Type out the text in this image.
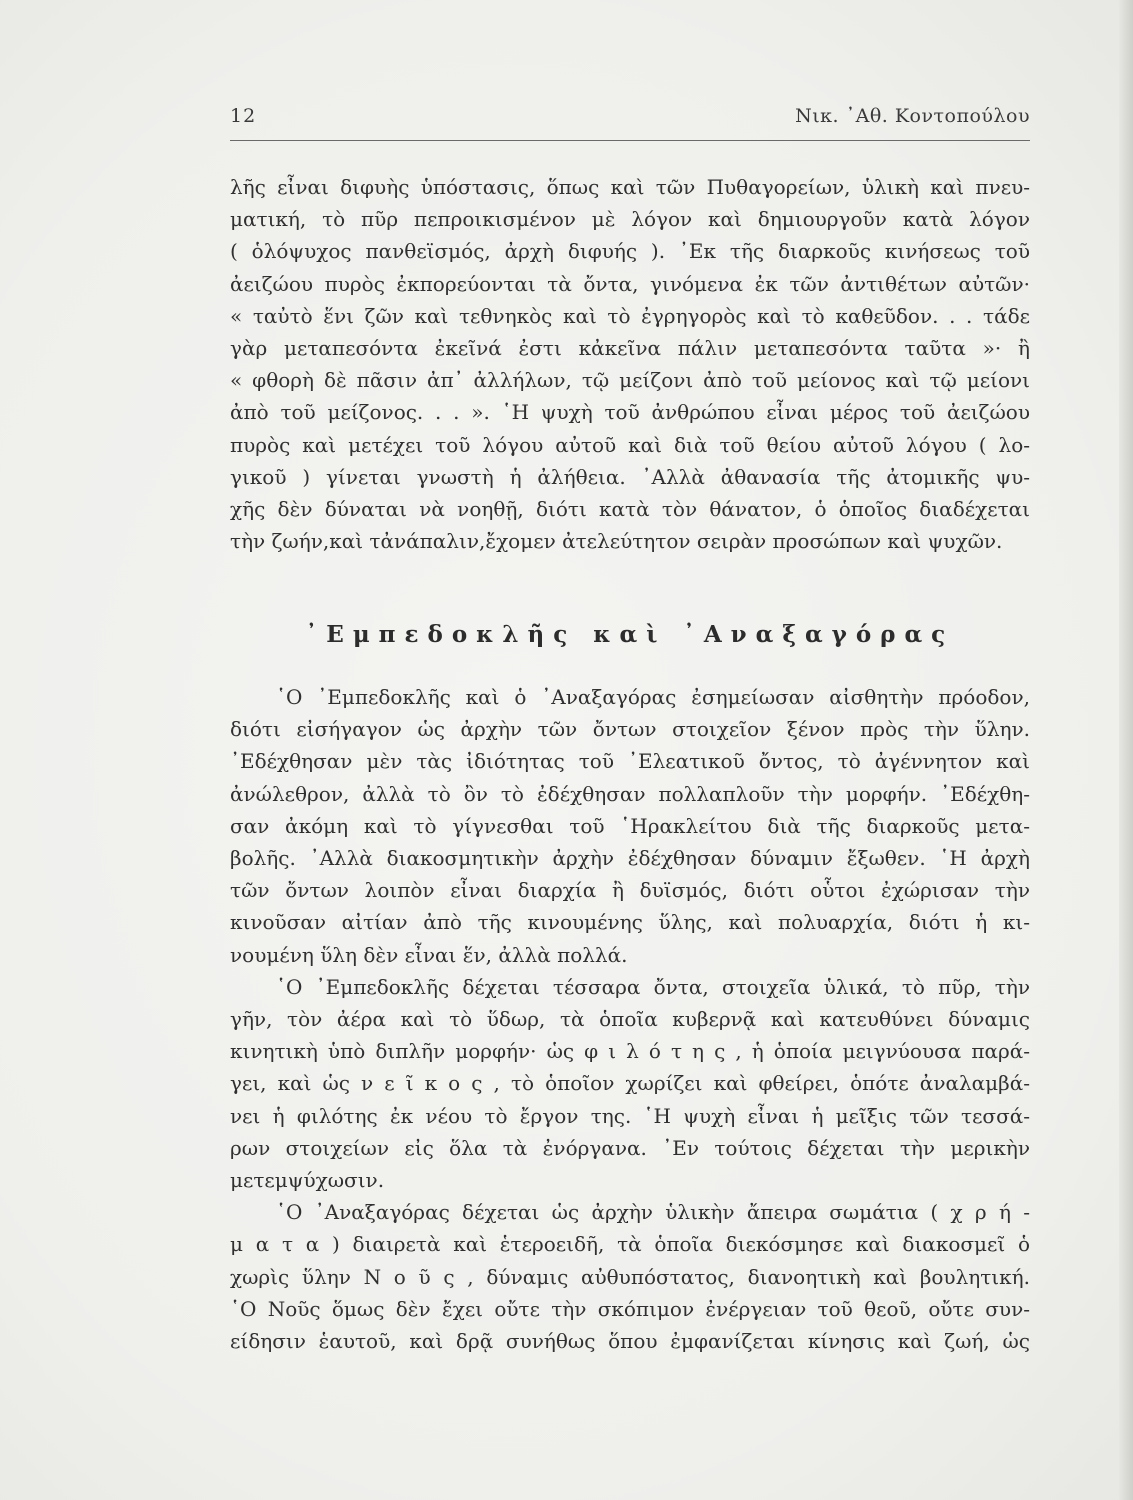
12	Νικ. ᾿Αθ. Κοντοπούλου
λῆς εἶναι διφυὴς ὑπόστασις, ὅπως καὶ τῶν Πυθαγορείων, ὑλικὴ καὶ πνευ-
ματική, τὸ πῦρ πεπροικισμένον μὲ λόγον καὶ δημιουργοῦν κατὰ λόγον
( ὁλόψυχος πανθεϊσμός, ἀρχὴ διφυής ). ᾿Εκ τῆς διαρκοῦς κινήσεως τοῦ
ἀειζώου πυρὸς ἐκπορεύονται τὰ ὄντα, γινόμενα ἐκ τῶν ἀντιθέτων αὐτῶν·
« ταὐτὸ ἕνι ζῶν καὶ τεθνηκὸς καὶ τὸ ἐγρηγορὸς καὶ τὸ καθεῦδον. . . τάδε
γὰρ μεταπεσόντα ἐκεῖνά ἐστι κἀκεῖνα πάλιν μεταπεσόντα ταῦτα »· ἢ
« φθορὴ δὲ πᾶσιν ἀπ᾿ ἀλλήλων, τῷ μείζονι ἀπὸ τοῦ μείονος καὶ τῷ μείονι
ἀπὸ τοῦ μείζονος. . . ». ῾Η ψυχὴ τοῦ ἀνθρώπου εἶναι μέρος τοῦ ἀειζώου
πυρὸς καὶ μετέχει τοῦ λόγου αὐτοῦ καὶ διὰ τοῦ θείου αὐτοῦ λόγου ( λο-
γικοῦ ) γίνεται γνωστὴ ἡ ἀλήθεια. ᾿Αλλὰ ἀθανασία τῆς ἀτομικῆς ψυ-
χῆς δὲν δύναται νὰ νοηθῇ, διότι κατὰ τὸν θάνατον, ὁ ὁποῖος διαδέχεται
τὴν ζωήν,καὶ τἀνάπαλιν,ἔχομεν ἀτελεύτητον σειρὰν προσώπων καὶ ψυχῶν.
᾿Εμπεδοκλῆς καὶ ᾿Αναξαγόρας
῾Ο ᾿Εμπεδοκλῆς καὶ ὁ ᾿Αναξαγόρας ἐσημείωσαν αἰσθητὴν πρόοδον,
διότι εἰσήγαγον ὡς ἀρχὴν τῶν ὄντων στοιχεῖον ξένον πρὸς τὴν ὕλην.
᾿Εδέχθησαν μὲν τὰς ἰδιότητας τοῦ ᾿Ελεατικοῦ ὄντος, τὸ ἀγέννητον καὶ
ἀνώλεθρον, ἀλλὰ τὸ ὂν τὸ ἐδέχθησαν πολλαπλοῦν τὴν μορφήν. ᾿Εδέχθη-
σαν ἀκόμη καὶ τὸ γίγνεσθαι τοῦ ῾Ηρακλείτου διὰ τῆς διαρκοῦς μετα-
βολῆς. ᾿Αλλὰ διακοσμητικὴν ἀρχὴν ἐδέχθησαν δύναμιν ἔξωθεν. ῾Η ἀρχὴ
τῶν ὄντων λοιπὸν εἶναι διαρχία ἢ δυϊσμός, διότι οὗτοι ἐχώρισαν τὴν
κινοῦσαν αἰτίαν ἀπὸ τῆς κινουμένης ὕλης, καὶ πολυαρχία, διότι ἡ κι-
νουμένη ὕλη δὲν εἶναι ἕν, ἀλλὰ πολλά.
῾Ο ᾿Εμπεδοκλῆς δέχεται τέσσαρα ὄντα, στοιχεῖα ὑλικά, τὸ πῦρ, τὴν
γῆν, τὸν ἀέρα καὶ τὸ ὕδωρ, τὰ ὁποῖα κυβερνᾷ καὶ κατευθύνει δύναμις
κινητικὴ ὑπὸ διπλῆν μορφήν· ὡς φ ι λ ό τ η ς , ἡ ὁποία μειγνύουσα παρά-
γει, καὶ ὡς ν ε ῖ κ ο ς , τὸ ὁποῖον χωρίζει καὶ φθείρει, ὁπότε ἀναλαμβά-
νει ἡ φιλότης ἐκ νέου τὸ ἔργον της. ῾Η ψυχὴ εἶναι ἡ μεῖξις τῶν τεσσά-
ρων στοιχείων εἰς ὅλα τὰ ἐνόργανα. ᾿Εν τούτοις δέχεται τὴν μερικὴν
μετεμψύχωσιν.
῾Ο ᾿Αναξαγόρας δέχεται ὡς ἀρχὴν ὑλικὴν ἄπειρα σωμάτια ( χ ρ ή -
μ α τ α ) διαιρετὰ καὶ ἑτεροειδῆ, τὰ ὁποῖα διεκόσμησε καὶ διακοσμεῖ ὁ
χωρὶς ὕλην Ν ο ῦ ς , δύναμις αὐθυπόστατος, διανοητικὴ καὶ βουλητική.
῾Ο Νοῦς ὅμως δὲν ἔχει οὔτε τὴν σκόπιμον ἐνέργειαν τοῦ θεοῦ, οὔτε συν-
είδησιν ἑαυτοῦ, καὶ δρᾷ συνήθως ὅπου ἐμφανίζεται κίνησις καὶ ζωή, ὡς
